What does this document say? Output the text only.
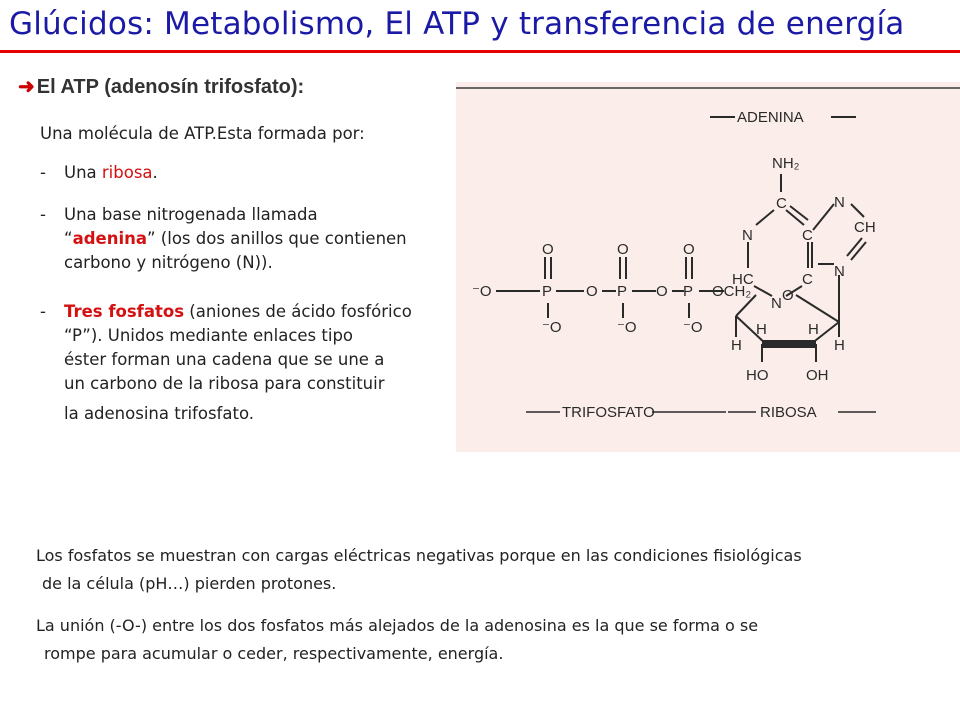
Glúcidos: Metabolismo, El ATP y transferencia de energía
➜ El ATP (adenosín trifosfato):
Una molécula de ATP.Esta formada por:
- Una ribosa.
- Una base nitrogenada llamada
“adenina” (los dos anillos que contienen
carbono y nitrógeno (N)).
- Tres fosfatos (aniones de ácido fosfórico
“P”). Unidos mediante enlaces tipo
éster forman una cadena que se une a
un carbono de la ribosa para constituir
la adenosina trifosfato.
ADENINA
NH₂
C
N	C
N
CH
HC	C N
N
O	O	O
⁻O	P O P O P OCH₂
⁻O	⁻O	⁻O
O
H	H
H	H
HO	OH
TRIFOSFATO	RIBOSA
Los fosfatos se muestran con cargas eléctricas negativas porque en las condiciones fisiológicas
de la célula (pH…) pierden protones.
La unión (-O-) entre los dos fosfatos más alejados de la adenosina es la que se forma o se
rompe para acumular o ceder, respectivamente, energía.
